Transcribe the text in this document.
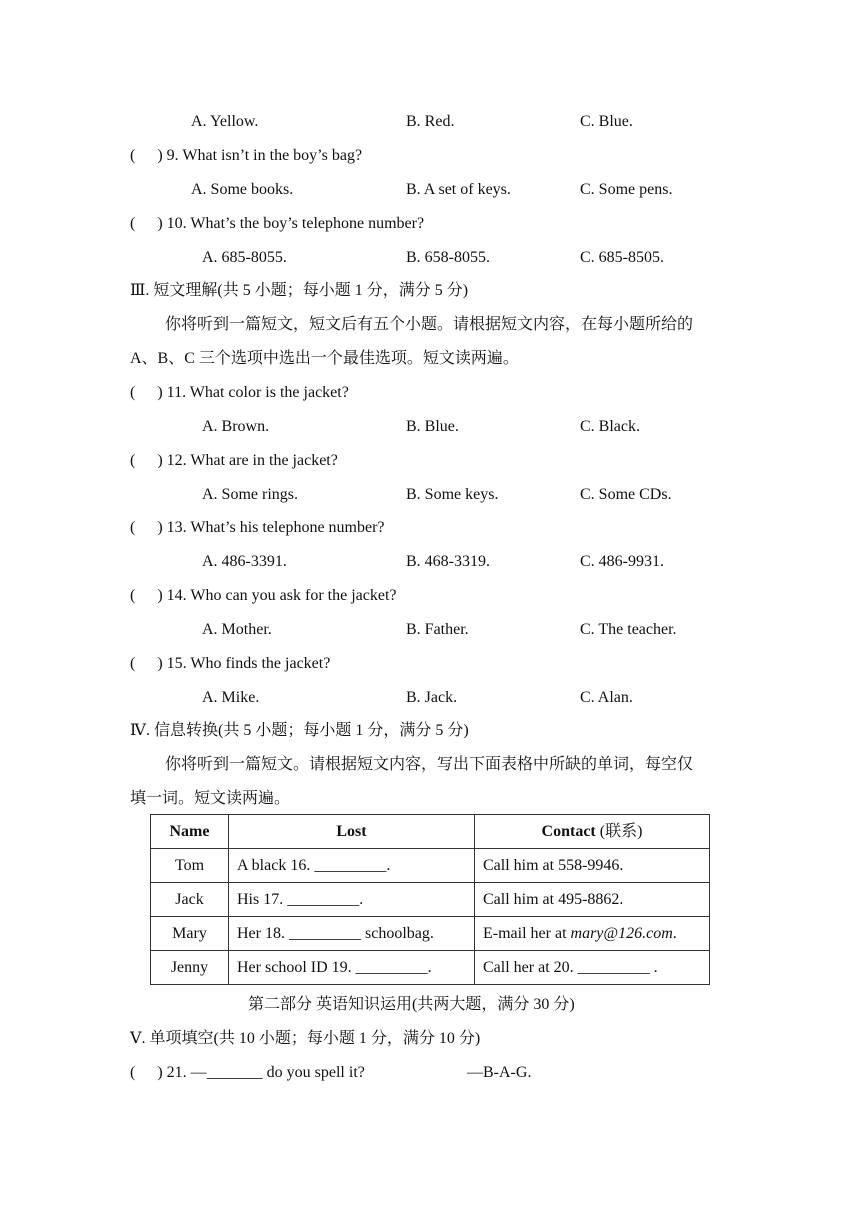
A. Yellow.	B. Red.	C. Blue.
( ) 9. What isn’t in the boy’s bag?
A. Some books.	B. A set of keys.	C. Some pens.
( ) 10. What’s the boy’s telephone number?
A. 685-8055.	B. 658-8055.	C. 685-8505.
Ⅲ. 短文理解(共 5 小题；每小题 1 分，满分 5 分)
你将听到一篇短文，短文后有五个小题。请根据短文内容，在每小题所给的
A、B、C 三个选项中选出一个最佳选项。短文读两遍。
( ) 11. What color is the jacket?
A. Brown.	B. Blue.	C. Black.
( ) 12. What are in the jacket?
A. Some rings.	B. Some keys.	C. Some CDs.
( ) 13. What’s his telephone number?
A. 486-3391.	B. 468-3319.	C. 486-9931.
( ) 14. Who can you ask for the jacket?
A. Mother.	B. Father.	C. The teacher.
( ) 15. Who finds the jacket?
A. Mike.	B. Jack.	C. Alan.
Ⅳ. 信息转换(共 5 小题；每小题 1 分，满分 5 分)
你将听到一篇短文。请根据短文内容，写出下面表格中所缺的单词，每空仅
填一词。短文读两遍。
Name	Lost	Contact (联系)
Tom	A black 16. _________.	Call him at 558-9946.
Jack	His 17. _________.	Call him at 495-8862.
Mary	Her 18. _________ schoolbag.	E-mail her at mary@126.com.
Jenny	Her school ID 19. _________.	Call her at 20. _________ .
第二部分 英语知识运用(共两大题，满分 30 分)
Ⅴ. 单项填空(共 10 小题；每小题 1 分，满分 10 分)
( ) 21. —_______ do you spell it?	—B-A-G.
